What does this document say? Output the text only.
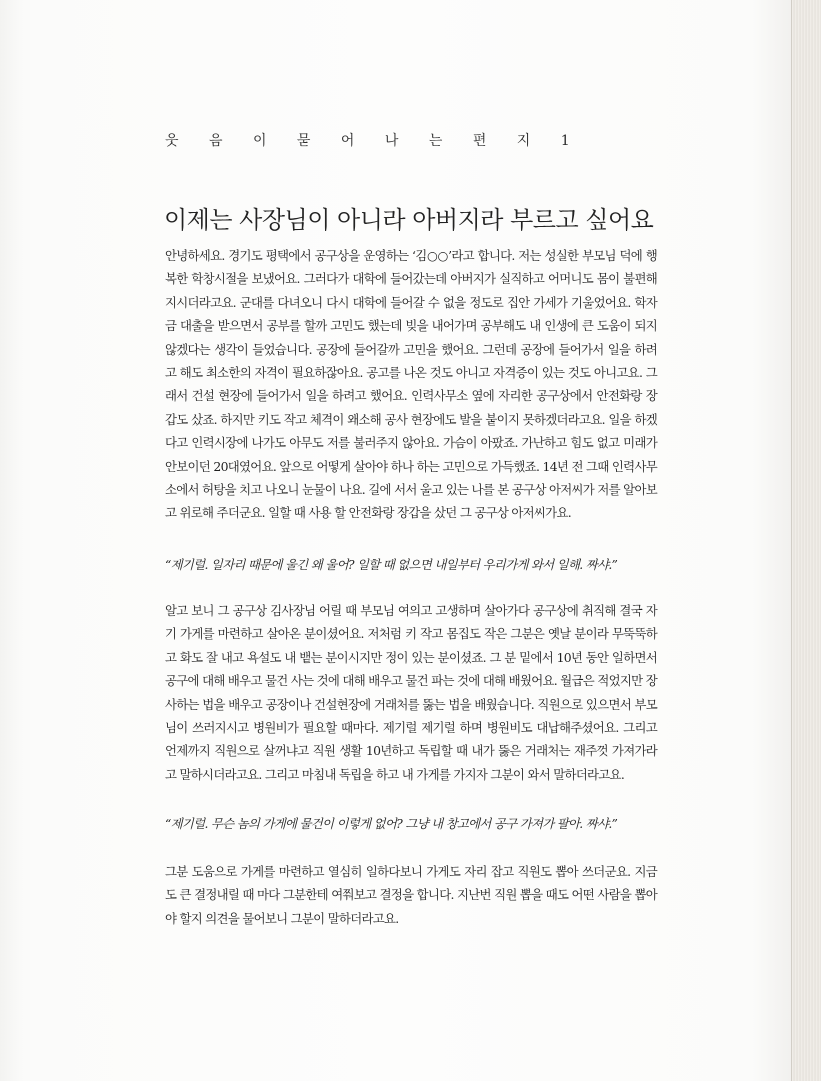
웃 음 이 묻 어 나 는 편 지 1
이제는 사장님이 아니라 아버지라 부르고 싶어요

안녕하세요. 경기도 평택에서 공구상을 운영하는 ‘김○○’라고 합니다. 저는 성실한 부모님 덕에 행복한 학창시절을 보냈어요. 그러다가 대학에 들어갔는데 아버지가 실직하고 어머니도 몸이 불편해지시더라고요. 군대를 다녀오니 다시 대학에 들어갈 수 없을 정도로 집안 가세가 기울었어요. 학자금 대출을 받으면서 공부를 할까 고민도 했는데 빚을 내어가며 공부해도 내 인생에 큰 도움이 되지 않겠다는 생각이 들었습니다. 공장에 들어갈까 고민을 했어요. 그런데 공장에 들어가서 일을 하려고 해도 최소한의 자격이 필요하잖아요. 공고를 나온 것도 아니고 자격증이 있는 것도 아니고요. 그래서 건설 현장에 들어가서 일을 하려고 했어요. 인력사무소 옆에 자리한 공구상에서 안전화랑 장갑도 샀죠. 하지만 키도 작고 체격이 왜소해 공사 현장에도 발을 붙이지 못하겠더라고요. 일을 하겠다고 인력시장에 나가도 아무도 저를 불러주지 않아요. 가슴이 아팠죠. 가난하고 힘도 없고 미래가 안보이던 20대였어요. 앞으로 어떻게 살아야 하나 하는 고민으로 가득했죠. 14년 전 그때 인력사무소에서 허탕을 치고 나오니 눈물이 나요. 길에 서서 울고 있는 나를 본 공구상 아저씨가 저를 알아보고 위로해 주더군요. 일할 때 사용 할 안전화랑 장갑을 샀던 그 공구상 아저씨가요.

“제기럴. 일자리 때문에 울긴 왜 울어? 일할 때 없으면 내일부터 우리가게 와서 일해. 짜샤.”

알고 보니 그 공구상 김사장님 어릴 때 부모님 여의고 고생하며 살아가다 공구상에 취직해 결국 자기 가게를 마련하고 살아온 분이셨어요. 저처럼 키 작고 몸집도 작은 그분은 옛날 분이라 무뚝뚝하고 화도 잘 내고 욕설도 내 뱉는 분이시지만 정이 있는 분이셨죠. 그 분 밑에서 10년 동안 일하면서 공구에 대해 배우고 물건 사는 것에 대해 배우고 물건 파는 것에 대해 배웠어요. 월급은 적었지만 장사하는 법을 배우고 공장이나 건설현장에 거래처를 뚫는 법을 배웠습니다. 직원으로 있으면서 부모님이 쓰러지시고 병원비가 필요할 때마다. 제기럴 제기럴 하며 병원비도 대납해주셨어요. 그리고 언제까지 직원으로 살꺼냐고 직원 생활 10년하고 독립할 때 내가 뚫은 거래처는 재주껏 가져가라고 말하시더라고요. 그리고 마침내 독립을 하고 내 가게를 가지자 그분이 와서 말하더라고요.

“제기럴. 무슨 놈의 가게에 물건이 이렇게 없어? 그냥 내 창고에서 공구 가져가 팔아. 짜샤.”

그분 도움으로 가게를 마련하고 열심히 일하다보니 가게도 자리 잡고 직원도 뽑아 쓰더군요. 지금도 큰 결정내릴 때 마다 그분한테 여쭤보고 결정을 합니다. 지난번 직원 뽑을 때도 어떤 사람을 뽑아야 할지 의견을 물어보니 그분이 말하더라고요.
